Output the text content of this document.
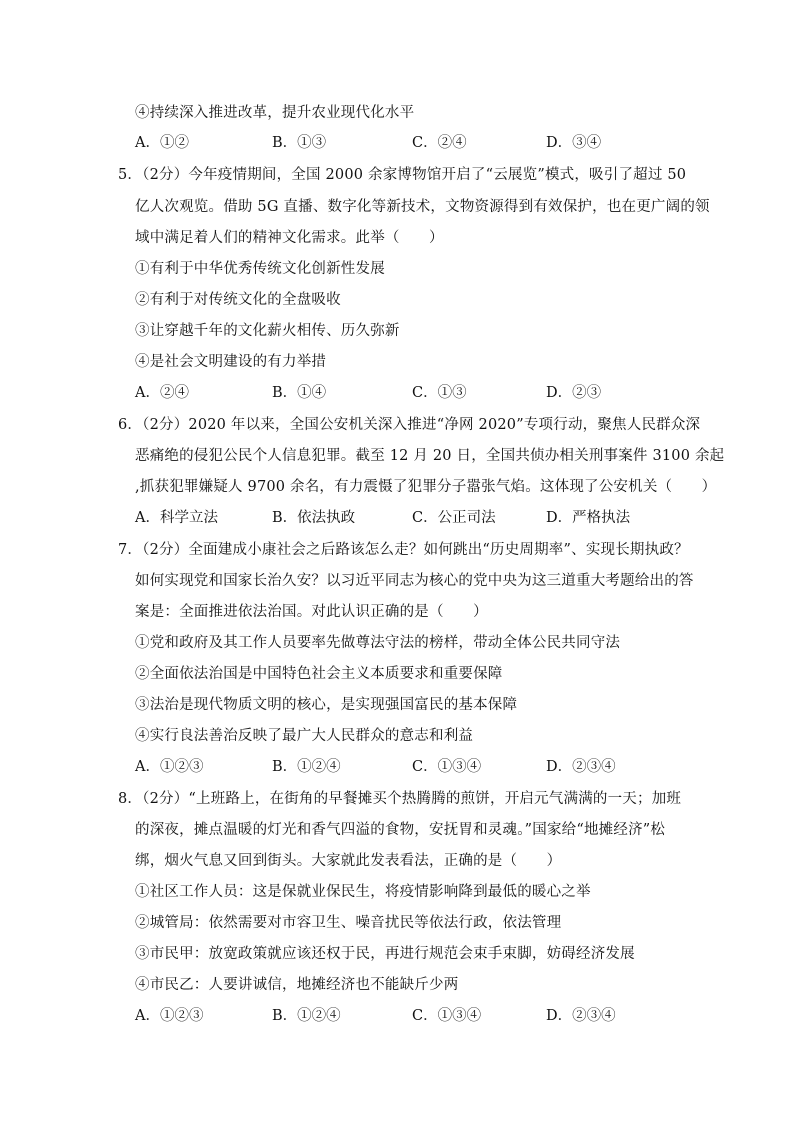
④持续深入推进改革，提升农业现代化水平
A．①②	B．①③	C．②④	D．③④
5．（2分）今年疫情期间，全国 2000 余家博物馆开启了“云展览”模式，吸引了超过 50
亿人次观览。借助 5G 直播、数字化等新技术，文物资源得到有效保护，也在更广阔的领
域中满足着人们的精神文化需求。此举（　　）
①有利于中华优秀传统文化创新性发展
②有利于对传统文化的全盘吸收
③让穿越千年的文化薪火相传、历久弥新
④是社会文明建设的有力举措
A．②④	B．①④	C．①③	D．②③
6．（2分）2020 年以来，全国公安机关深入推进“净网 2020”专项行动，聚焦人民群众深
恶痛绝的侵犯公民个人信息犯罪。截至 12 月 20 日，全国共侦办相关刑事案件 3100 余起
,抓获犯罪嫌疑人 9700 余名，有力震慑了犯罪分子嚣张气焰。这体现了公安机关（　　）
A．科学立法	B．依法执政	C．公正司法	D．严格执法
7．（2分）全面建成小康社会之后路该怎么走？如何跳出“历史周期率”、实现长期执政？
如何实现党和国家长治久安？以习近平同志为核心的党中央为这三道重大考题给出的答
案是：全面推进依法治国。对此认识正确的是（　　）
①党和政府及其工作人员要率先做尊法守法的榜样，带动全体公民共同守法
②全面依法治国是中国特色社会主义本质要求和重要保障
③法治是现代物质文明的核心，是实现强国富民的基本保障
④实行良法善治反映了最广大人民群众的意志和利益
A．①②③	B．①②④	C．①③④	D．②③④
8．（2分）“上班路上，在街角的早餐摊买个热腾腾的煎饼，开启元气满满的一天；加班
的深夜，摊点温暖的灯光和香气四溢的食物，安抚胃和灵魂。”国家给“地摊经济”松
绑，烟火气息又回到街头。大家就此发表看法，正确的是（　　）
①社区工作人员：这是保就业保民生，将疫情影响降到最低的暖心之举
②城管局：依然需要对市容卫生、噪音扰民等依法行政，依法管理
③市民甲：放宽政策就应该还权于民，再进行规范会束手束脚，妨碍经济发展
④市民乙：人要讲诚信，地摊经济也不能缺斤少两
A．①②③	B．①②④	C．①③④	D．②③④
